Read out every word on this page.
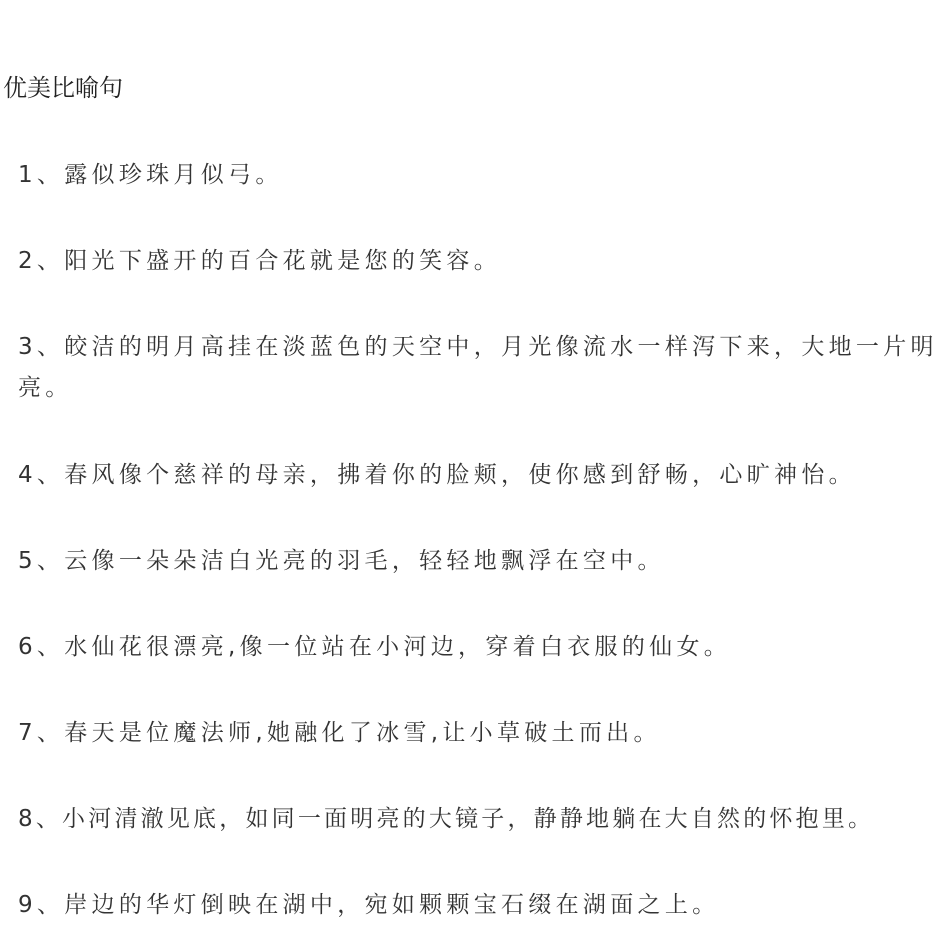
优美比喻句
1、露似珍珠月似弓。
2、阳光下盛开的百合花就是您的笑容。
3、皎洁的明月高挂在淡蓝色的天空中，月光像流水一样泻下来，大地一片明亮。
4、春风像个慈祥的母亲，拂着你的脸颊，使你感到舒畅，心旷神怡。
5、云像一朵朵洁白光亮的羽毛，轻轻地飘浮在空中。
6、水仙花很漂亮,像一位站在小河边，穿着白衣服的仙女。
7、春天是位魔法师,她融化了冰雪,让小草破土而出。
8、小河清澈见底，如同一面明亮的大镜子，静静地躺在大自然的怀抱里。
9、岸边的华灯倒映在湖中，宛如颗颗宝石缀在湖面之上。
